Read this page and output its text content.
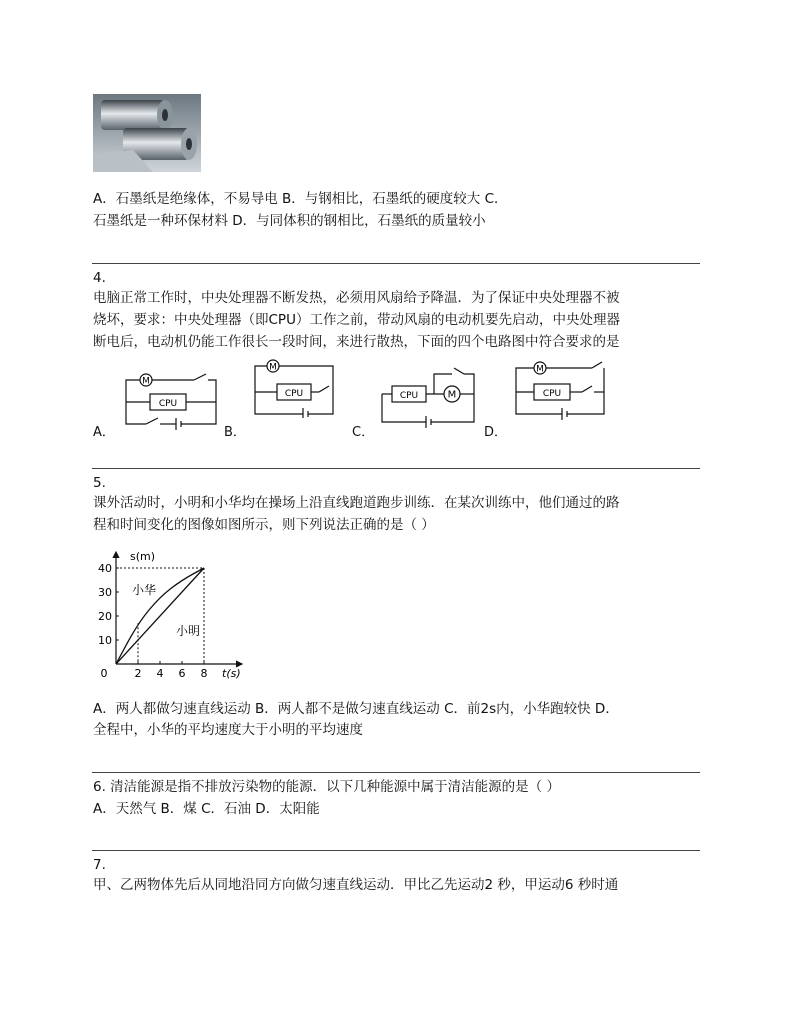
A．石墨纸是绝缘体，不易导电 B．与钢相比，石墨纸的硬度较大 C．
石墨纸是一种环保材料 D．与同体积的钢相比，石墨纸的质量较小
4.
电脑正常工作时，中央处理器不断发热，必须用风扇给予降温．为了保证中央处理器不被
烧坏，要求：中央处理器（即CPU）工作之前，带动风扇的电动机要先启动，中央处理器
断电后，电动机仍能工作很长一段时间，来进行散热，下面的四个电路图中符合要求的是
M
CPU
M
CPU	CPU	M
M
CPU
A．	B．	C．	D．
5.
课外活动时，小明和小华均在操场上沿直线跑道跑步训练．在某次训练中，他们通过的路
程和时间变化的图像如图所示，则下列说法正确的是（ ）
s(m)
t(s)
0 2 4 6 8
10
20
30
40
小华
小明
A．两人都做匀速直线运动 B．两人都不是做匀速直线运动 C．前2s内，小华跑较快 D．
全程中，小华的平均速度大于小明的平均速度
6. 清洁能源是指不排放污染物的能源．以下几种能源中属于清洁能源的是（ ）
A．天然气 B．煤 C．石油 D．太阳能
7.
甲、乙两物体先后从同地沿同方向做匀速直线运动．甲比乙先运动2 秒，甲运动6 秒时通
